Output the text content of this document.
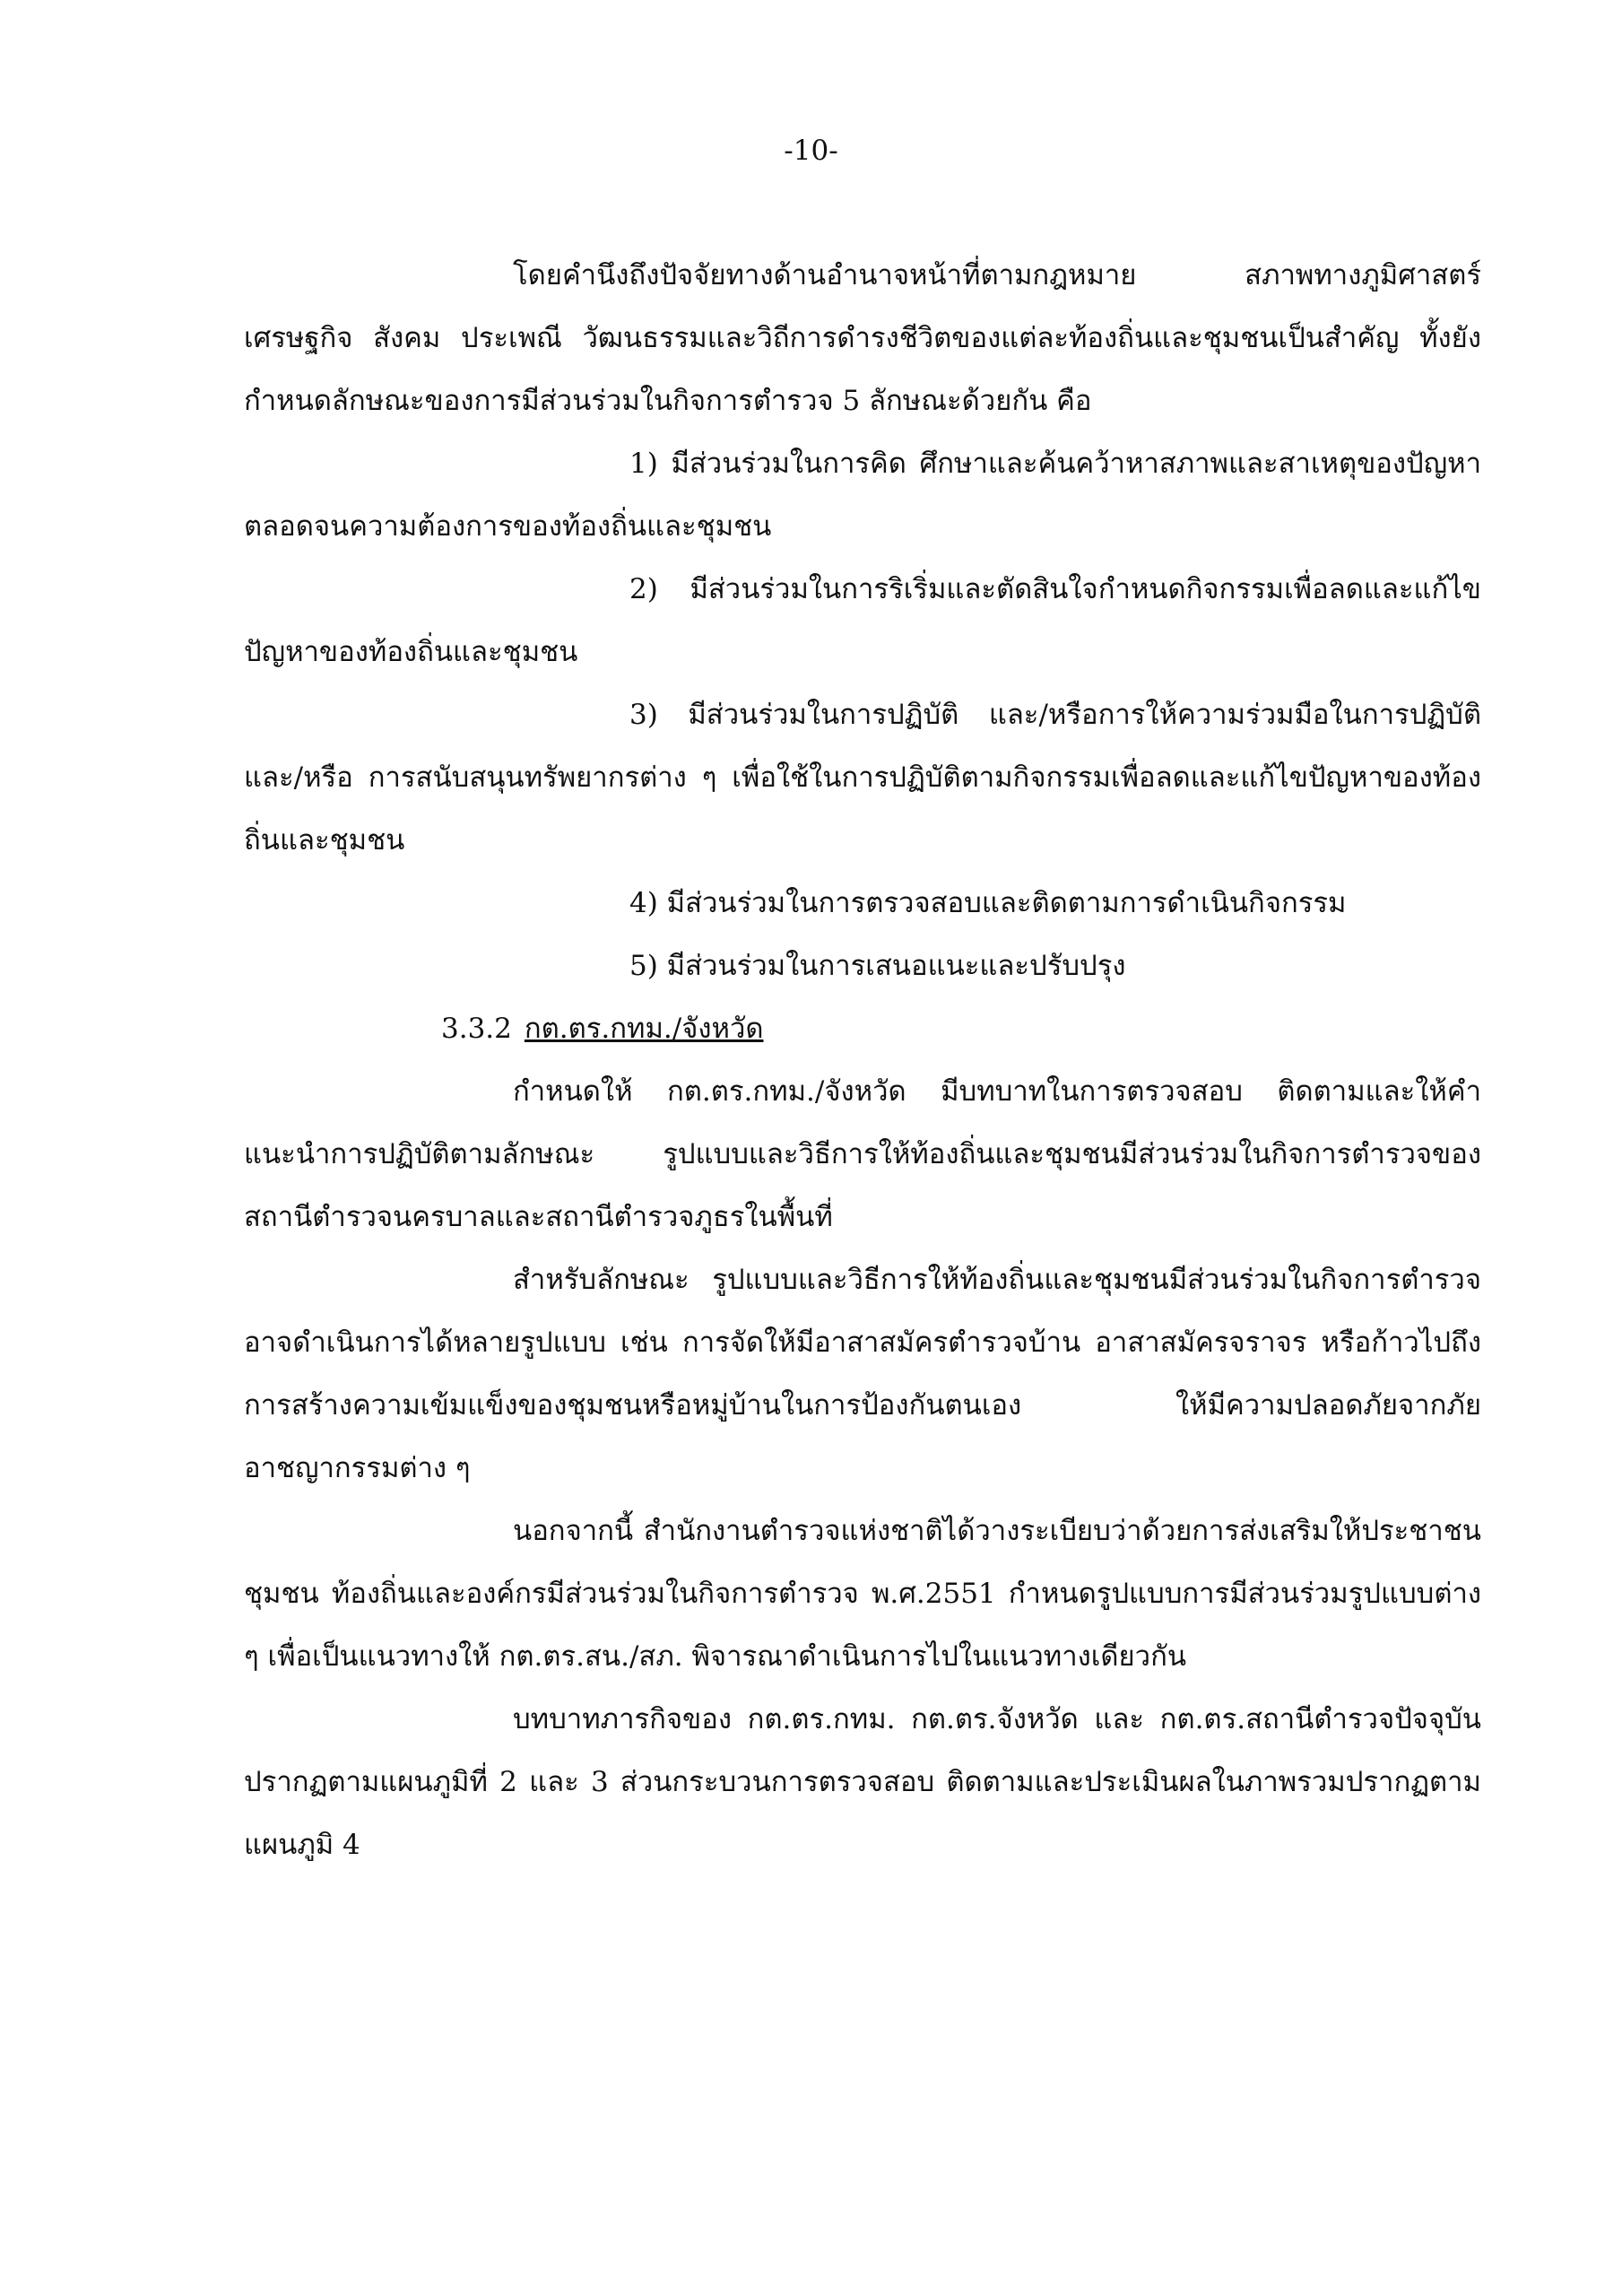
-10-

โดยคำนึงถึงปัจจัยทางด้านอำนาจหน้าที่ตามกฎหมาย สภาพทางภูมิศาสตร์ เศรษฐกิจ สังคม ประเพณี วัฒนธรรมและวิถีการดำรงชีวิตของแต่ละท้องถิ่นและชุมชนเป็นสำคัญ ทั้งยังกำหนดลักษณะของการมีส่วนร่วมในกิจการตำรวจ 5 ลักษณะด้วยกัน คือ

1) มีส่วนร่วมในการคิด ศึกษาและค้นคว้าหาสภาพและสาเหตุของปัญหาตลอดจนความต้องการของท้องถิ่นและชุมชน

2) มีส่วนร่วมในการริเริ่มและตัดสินใจกำหนดกิจกรรมเพื่อลดและแก้ไขปัญหาของท้องถิ่นและชุมชน

3) มีส่วนร่วมในการปฏิบัติ และ/หรือการให้ความร่วมมือในการปฏิบัติ และ/หรือ การสนับสนุนทรัพยากรต่าง ๆ เพื่อใช้ในการปฏิบัติตามกิจกรรมเพื่อลดและแก้ไขปัญหาของท้องถิ่นและชุมชน

4) มีส่วนร่วมในการตรวจสอบและติดตามการดำเนินกิจกรรม

5) มีส่วนร่วมในการเสนอแนะและปรับปรุง

3.3.2 กต.ตร.กทม./จังหวัด

กำหนดให้ กต.ตร.กทม./จังหวัด มีบทบาทในการตรวจสอบ ติดตามและให้คำแนะนำการปฏิบัติตามลักษณะ รูปแบบและวิธีการให้ท้องถิ่นและชุมชนมีส่วนร่วมในกิจการตำรวจของสถานีตำรวจนครบาลและสถานีตำรวจภูธรในพื้นที่

สำหรับลักษณะ รูปแบบและวิธีการให้ท้องถิ่นและชุมชนมีส่วนร่วมในกิจการตำรวจ อาจดำเนินการได้หลายรูปแบบ เช่น การจัดให้มีอาสาสมัครตำรวจบ้าน อาสาสมัครจราจร หรือก้าวไปถึงการสร้างความเข้มแข็งของชุมชนหรือหมู่บ้านในการป้องกันตนเอง ให้มีความปลอดภัยจากภัยอาชญากรรมต่าง ๆ

นอกจากนี้ สำนักงานตำรวจแห่งชาติได้วางระเบียบว่าด้วยการส่งเสริมให้ประชาชน ชุมชน ท้องถิ่นและองค์กรมีส่วนร่วมในกิจการตำรวจ พ.ศ.2551 กำหนดรูปแบบการมีส่วนร่วมรูปแบบต่าง ๆ เพื่อเป็นแนวทางให้ กต.ตร.สน./สภ. พิจารณาดำเนินการไปในแนวทางเดียวกัน

บทบาทภารกิจของ กต.ตร.กทม. กต.ตร.จังหวัด และ กต.ตร.สถานีตำรวจปัจจุบัน ปรากฏตามแผนภูมิที่ 2 และ 3 ส่วนกระบวนการตรวจสอบ ติดตามและประเมินผลในภาพรวมปรากฏตาม แผนภูมิ 4
